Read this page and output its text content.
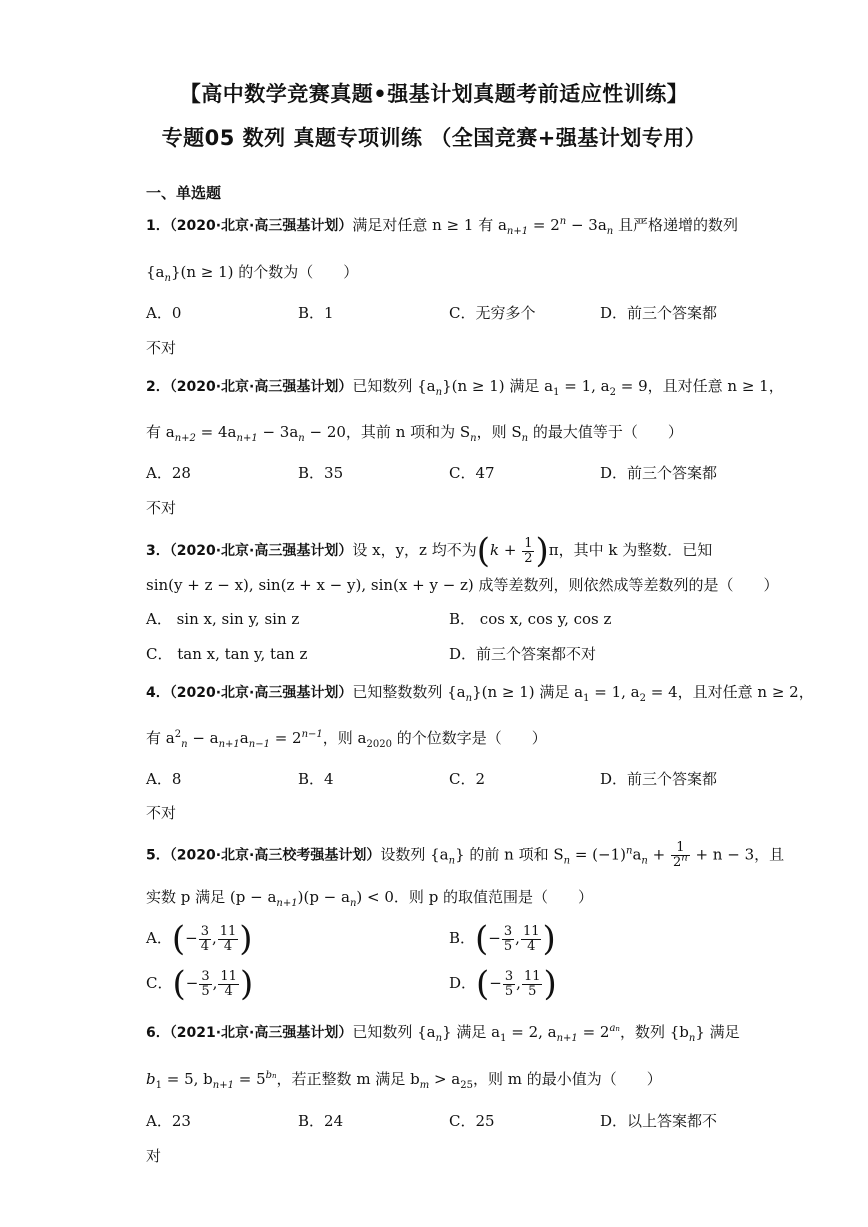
【高中数学竞赛真题•强基计划真题考前适应性训练】
专题05 数列 真题专项训练 （全国竞赛+强基计划专用）
一、单选题
1．（2020·北京·高三强基计划）满足对任意 n ≥ 1 有 $a_{n+1} = 2^n - 3a_n$ 且严格递增的数列
$\{a_n\}(n \ge 1)$ 的个数为（　　）
A．0	B．1	C．无穷多个	D．前三个答案都
不对
2．（2020·北京·高三强基计划）已知数列 $\{a_n\}(n \ge 1)$ 满足 $a_1 = 1$, $a_2 = 9$，且对任意 n ≥ 1，
有 $a_{n+2} = 4a_{n+1} - 3a_n - 20$，其前 n 项和为 $S_n$，则 $S_n$ 的最大值等于（　　）
A．28	B．35	C．47	D．前三个答案都
不对
3．（2020·北京·高三强基计划）设 x，y，z 均不为$(k + \frac{1}{2} )\pi$，其中 k 为整数．已知
sin(y + z − x), sin(z + x − y), sin(x + y − z) 成等差数列，则依然成等差数列的是（　　）
A． sin x, sin y, sin z	B． cos x, cos y, cos z
C． tan x, tan y, tan z	D．前三个答案都不对
4．（2020·北京·高三强基计划）已知整数数列 $\{a_n\}(n \ge 1)$ 满足 $a_1 = 1$, $a_2 = 4$，且对任意 n ≥ 2，
有 $a^2_n - a_{n+1}a_{n-1} = 2^{n-1}$，则 $a_{2020}$ 的个位数字是（　　）
A．8	B．4	C．2	D．前三个答案都
不对
5．（2020·北京·高三校考强基计划）设数列 $\{a_n\}$ 的前 n 项和 $S_n = (-1)^na_n + \frac{1}{2^n} + n - 3$，且
实数 p 满足 $(p - a_{n+1})(p - a_n) < 0$．则 p 的取值范围是（　　）
A．(− $\frac{3}{4}$ , $\frac{11}{4}$ )	B．(− $\frac{3}{5}$ , $\frac{11}{4}$ )
C．(− $\frac{3}{5}$ , $\frac{11}{4}$ )	D．(− $\frac{3}{5}$ , $\frac{11}{5}$ )
6．（2021·北京·高三强基计划）已知数列 $\{a_n\}$ 满足 $a_1 = 2$, $a_{n+1} = 2^{an}$，数列 $\{b_n\}$ 满足
$b_1 = 5$, $b_{n+1} = 5^{bn}$，若正整数 m 满足 $b_m > a_{25}$，则 m 的最小值为（　　）
A．23	B．24	C．25	D．以上答案都不
对
